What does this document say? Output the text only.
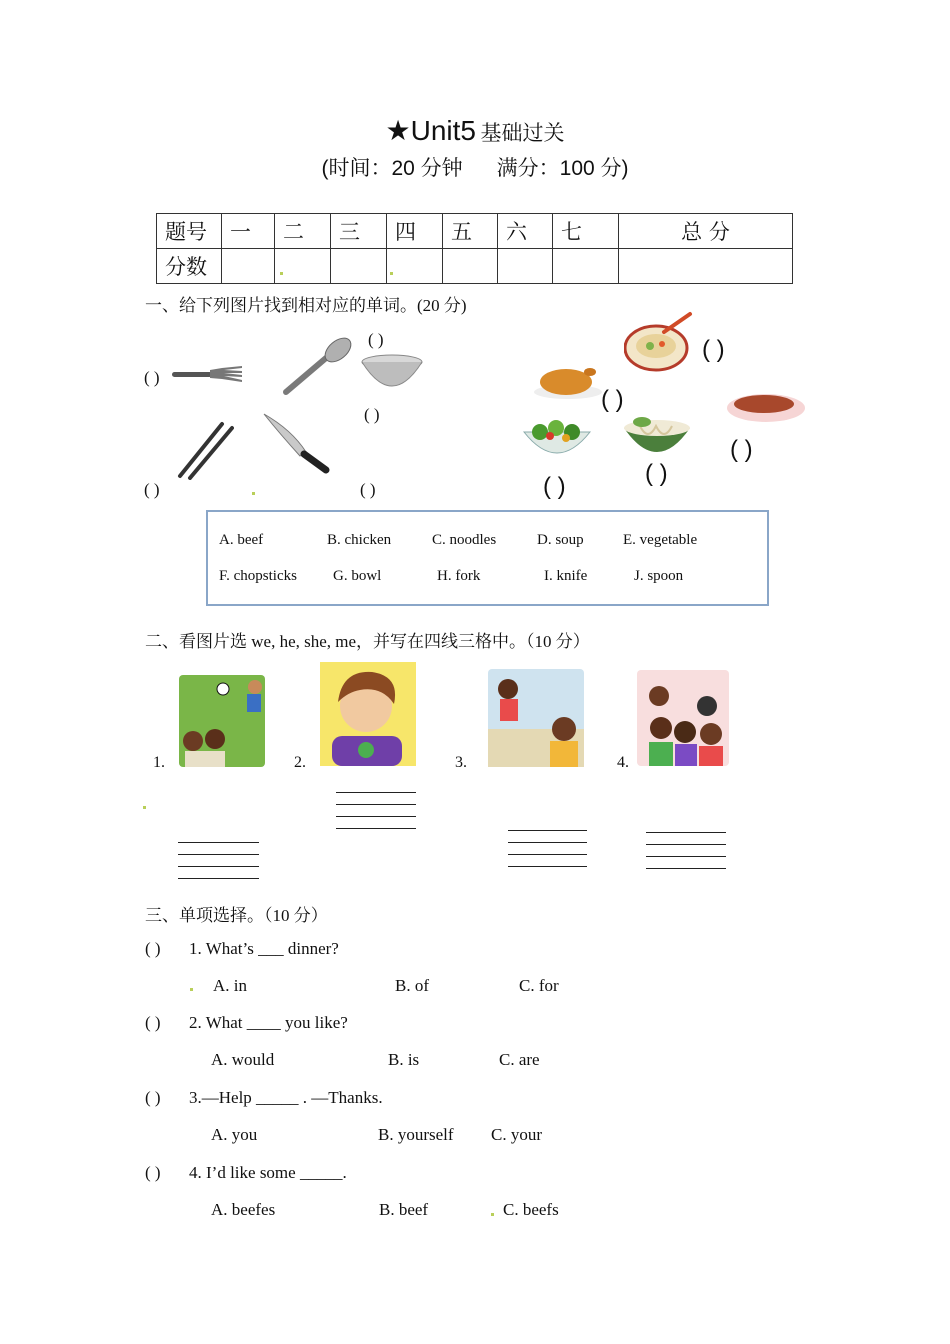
★Unit5 基础过关
(时间：20 分钟 满分：100 分)
题号	一	二	三	四	五	六	七	总 分
分数								
一、给下列图片找到相对应的单词。(20 分)
( )
( )
( )
( )	( )
( )
( )
( )
( )
( )
A. beef	B. chicken	C. noodles	D. soup	E. vegetable
F. chopsticks G. bowl	H. fork	I. knife	J. spoon
二、看图片选 we, he, she, me，并写在四线三格中。（10 分）
1.	2.	3.	4.
三、单项选择。（10 分）
( ) 1. What’s ___ dinner?
A. in	B. of	C. for
( ) 2. What ____ you like?
A. would	B. is	C. are
( ) 3.—Help _____ . —Thanks.
A. you	B. yourself C. your
( ) 4. I’d like some _____.
A. beefes	B. beef	C. beefs
